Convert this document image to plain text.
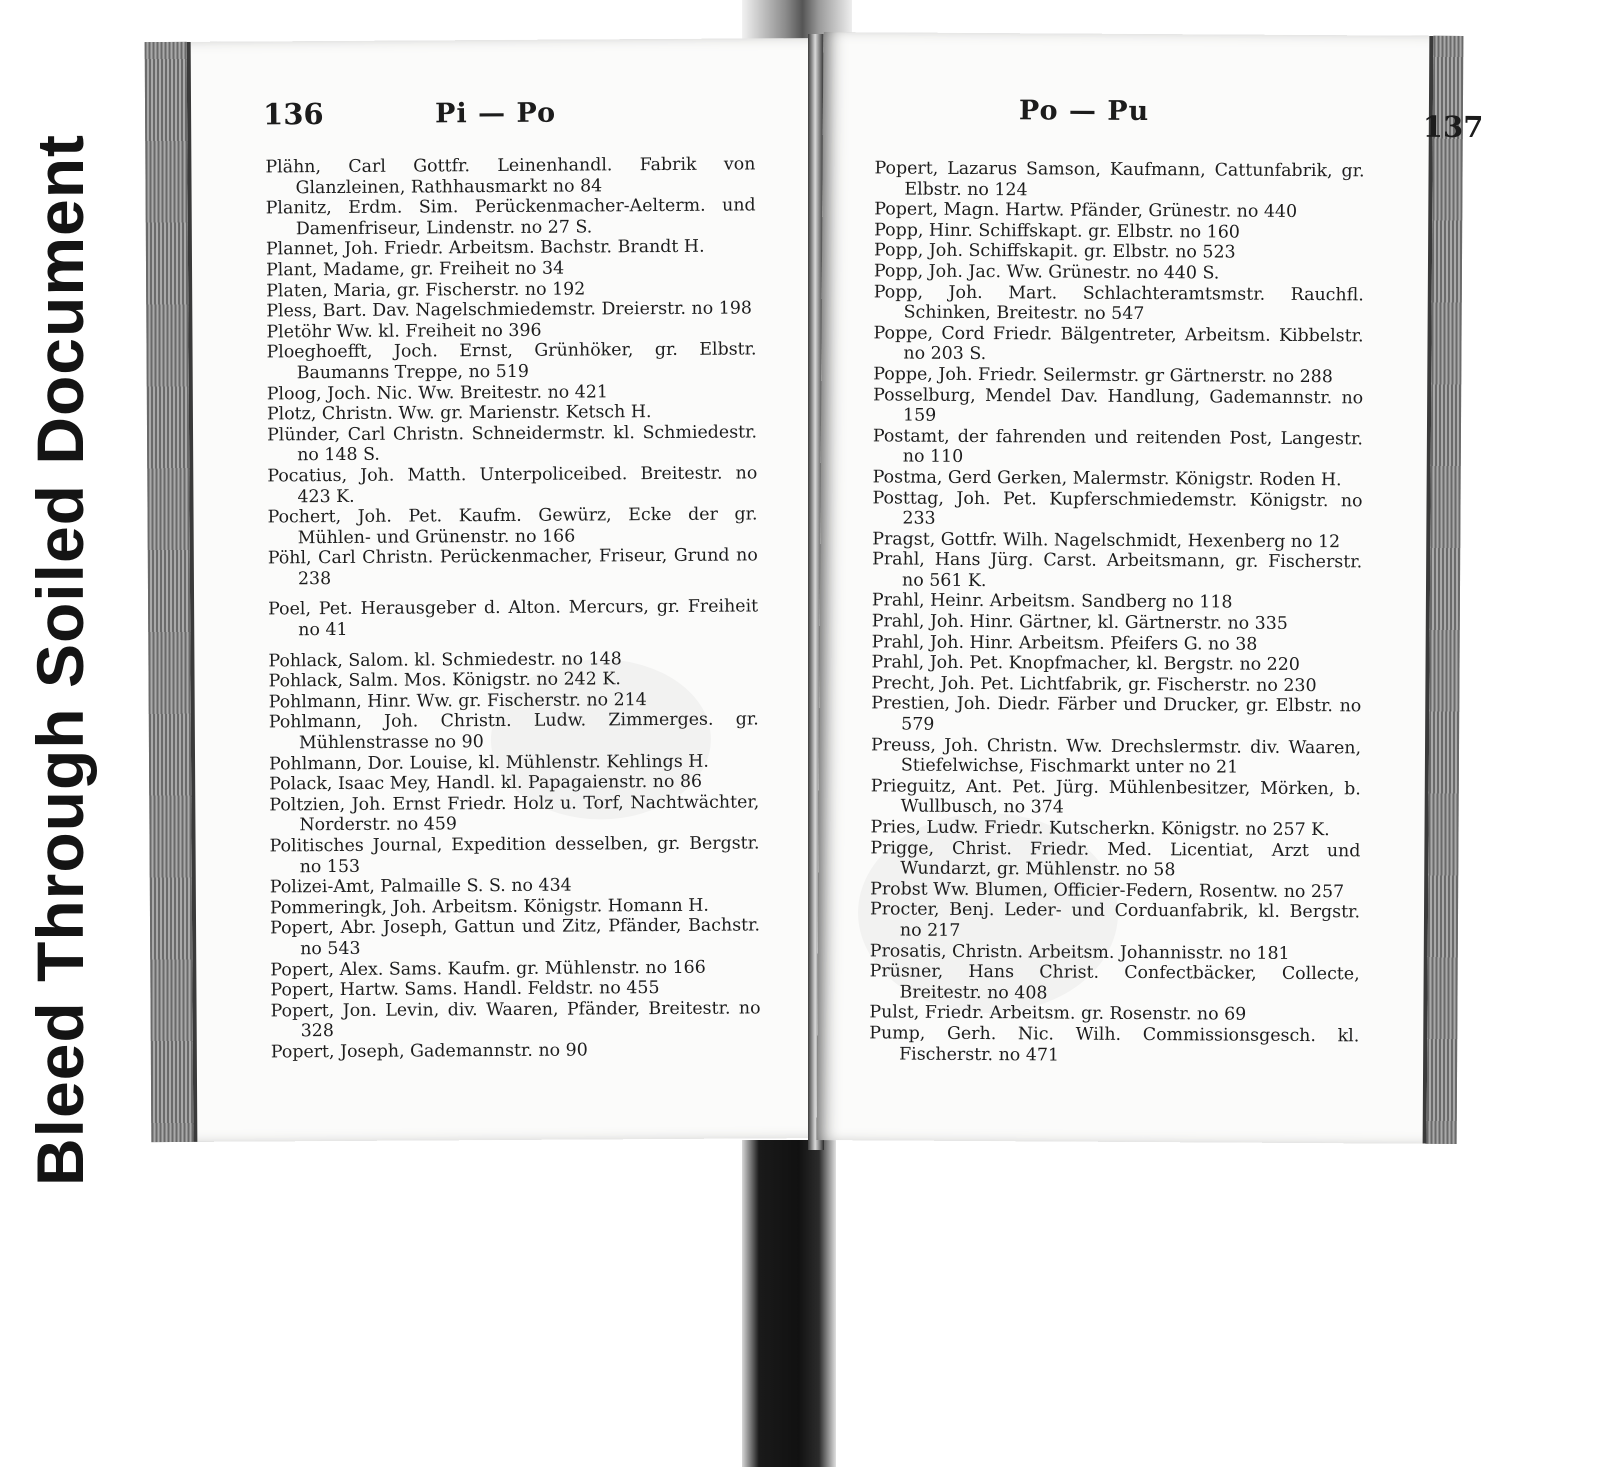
Bleed Through Soiled Document
136	Pi — Po
Plähn, Carl Gottfr. Leinenhandl. Fabrik von Glanzleinen, Rathhausmarkt no 84
Planitz, Erdm. Sim. Perückenmacher-Aelterm. und Damenfriseur, Lindenstr. no 27 S.
Plannet, Joh. Friedr. Arbeitsm. Bachstr. Brandt H.
Plant, Madame, gr. Freiheit no 34
Platen, Maria, gr. Fischerstr. no 192
Pless, Bart. Dav. Nagelschmiedemstr. Dreierstr. no 198
Pletöhr Ww. kl. Freiheit no 396
Ploeghoefft, Joch. Ernst, Grünhöker, gr. Elbstr. Baumanns Treppe, no 519
Ploog, Joch. Nic. Ww. Breitestr. no 421
Plotz, Christn. Ww. gr. Marienstr. Ketsch H.
Plünder, Carl Christn. Schneidermstr. kl. Schmiedestr. no 148 S.
Pocatius, Joh. Matth. Unterpoliceibed. Breitestr. no 423 K.
Pochert, Joh. Pet. Kaufm. Gewürz, Ecke der gr. Mühlen- und Grünenstr. no 166
Pöhl, Carl Christn. Perückenmacher, Friseur, Grund no 238
Poel, Pet. Herausgeber d. Alton. Mercurs, gr. Freiheit no 41
Pohlack, Salom. kl. Schmiedestr. no 148
Pohlack, Salm. Mos. Königstr. no 242 K.
Pohlmann, Hinr. Ww. gr. Fischerstr. no 214
Pohlmann, Joh. Christn. Ludw. Zimmerges. gr. Mühlenstrasse no 90
Pohlmann, Dor. Louise, kl. Mühlenstr. Kehlings H.
Polack, Isaac Mey, Handl. kl. Papagaienstr. no 86
Poltzien, Joh. Ernst Friedr. Holz u. Torf, Nachtwächter, Norderstr. no 459
Politisches Journal, Expedition desselben, gr. Bergstr. no 153
Polizei-Amt, Palmaille S. S. no 434
Pommeringk, Joh. Arbeitsm. Königstr. Homann H.
Popert, Abr. Joseph, Gattun und Zitz, Pfänder, Bachstr. no 543
Popert, Alex. Sams. Kaufm. gr. Mühlenstr. no 166
Popert, Hartw. Sams. Handl. Feldstr. no 455
Popert, Jon. Levin, div. Waaren, Pfänder, Breitestr. no 328
Popert, Joseph, Gademannstr. no 90
Po — Pu	137
Popert, Lazarus Samson, Kaufmann, Cattunfabrik, gr. Elbstr. no 124
Popert, Magn. Hartw. Pfänder, Grünestr. no 440
Popp, Hinr. Schiffskapt. gr. Elbstr. no 160
Popp, Joh. Schiffskapit. gr. Elbstr. no 523
Popp, Joh. Jac. Ww. Grünestr. no 440 S.
Popp, Joh. Mart. Schlachteramtsmstr. Rauchfl. Schinken, Breitestr. no 547
Poppe, Cord Friedr. Bälgentreter, Arbeitsm. Kibbelstr. no 203 S.
Poppe, Joh. Friedr. Seilermstr. gr Gärtnerstr. no 288
Posselburg, Mendel Dav. Handlung, Gademannstr. no 159
Postamt, der fahrenden und reitenden Post, Langestr. no 110
Postma, Gerd Gerken, Malermstr. Königstr. Roden H.
Posttag, Joh. Pet. Kupferschmiedemstr. Königstr. no 233
Pragst, Gottfr. Wilh. Nagelschmidt, Hexenberg no 12
Prahl, Hans Jürg. Carst. Arbeitsmann, gr. Fischerstr. no 561 K.
Prahl, Heinr. Arbeitsm. Sandberg no 118
Prahl, Joh. Hinr. Gärtner, kl. Gärtnerstr. no 335
Prahl, Joh. Hinr. Arbeitsm. Pfeifers G. no 38
Prahl, Joh. Pet. Knopfmacher, kl. Bergstr. no 220
Precht, Joh. Pet. Lichtfabrik, gr. Fischerstr. no 230
Prestien, Joh. Diedr. Färber und Drucker, gr. Elbstr. no 579
Preuss, Joh. Christn. Ww. Drechslermstr. div. Waaren, Stiefelwichse, Fischmarkt unter no 21
Prieguitz, Ant. Pet. Jürg. Mühlenbesitzer, Mörken, b. Wullbusch, no 374
Pries, Ludw. Friedr. Kutscherkn. Königstr. no 257 K.
Prigge, Christ. Friedr. Med. Licentiat, Arzt und Wundarzt, gr. Mühlenstr. no 58
Probst Ww. Blumen, Officier-Federn, Rosentw. no 257
Procter, Benj. Leder- und Corduanfabrik, kl. Bergstr. no 217
Prosatis, Christn. Arbeitsm. Johannisstr. no 181
Prüsner, Hans Christ. Confectbäcker, Collecte, Breitestr. no 408
Pulst, Friedr. Arbeitsm. gr. Rosenstr. no 69
Pump, Gerh. Nic. Wilh. Commissionsgesch. kl. Fischerstr. no 471
